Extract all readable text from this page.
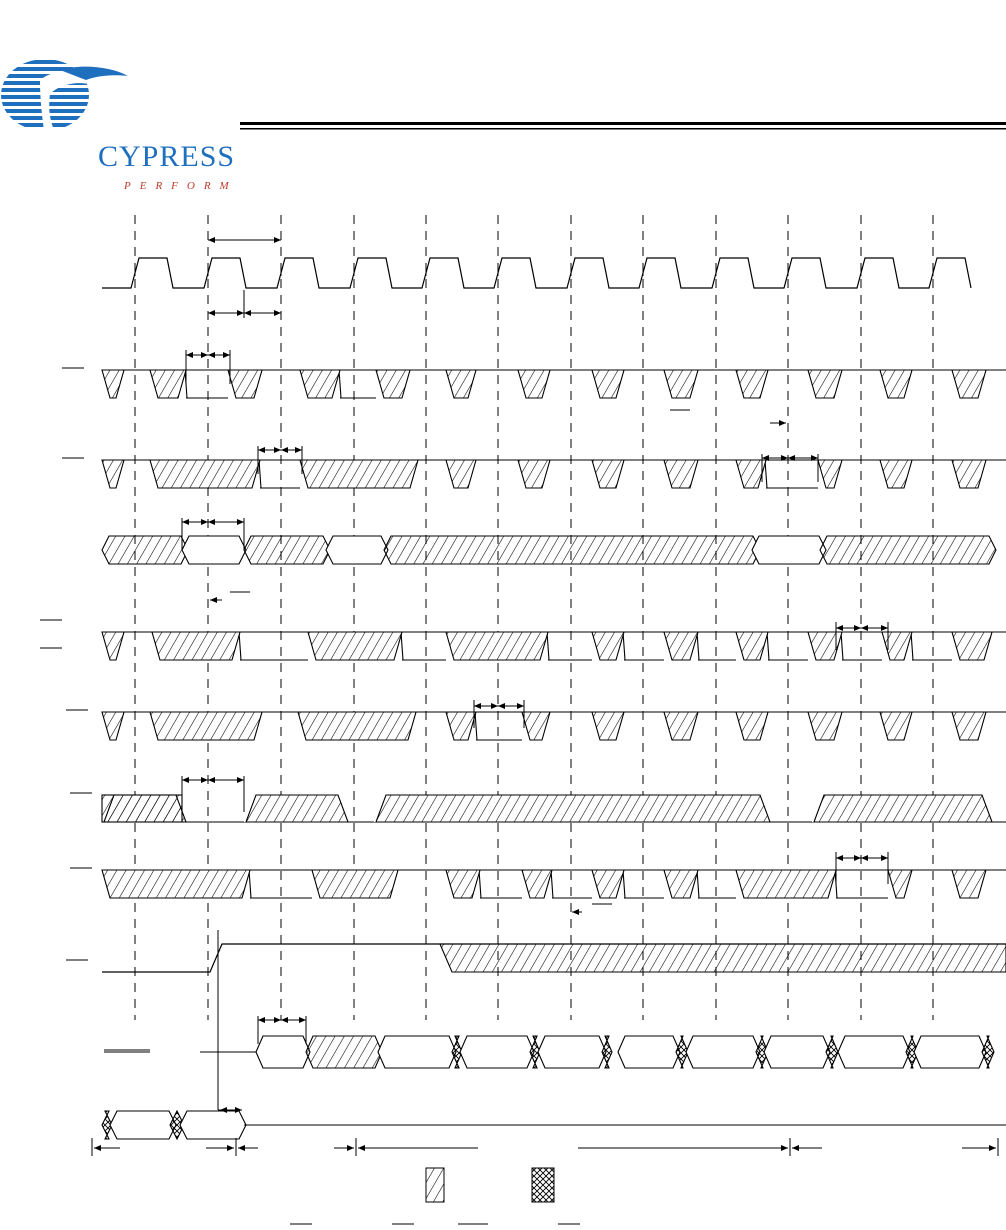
CYPRESS
PERFORM
